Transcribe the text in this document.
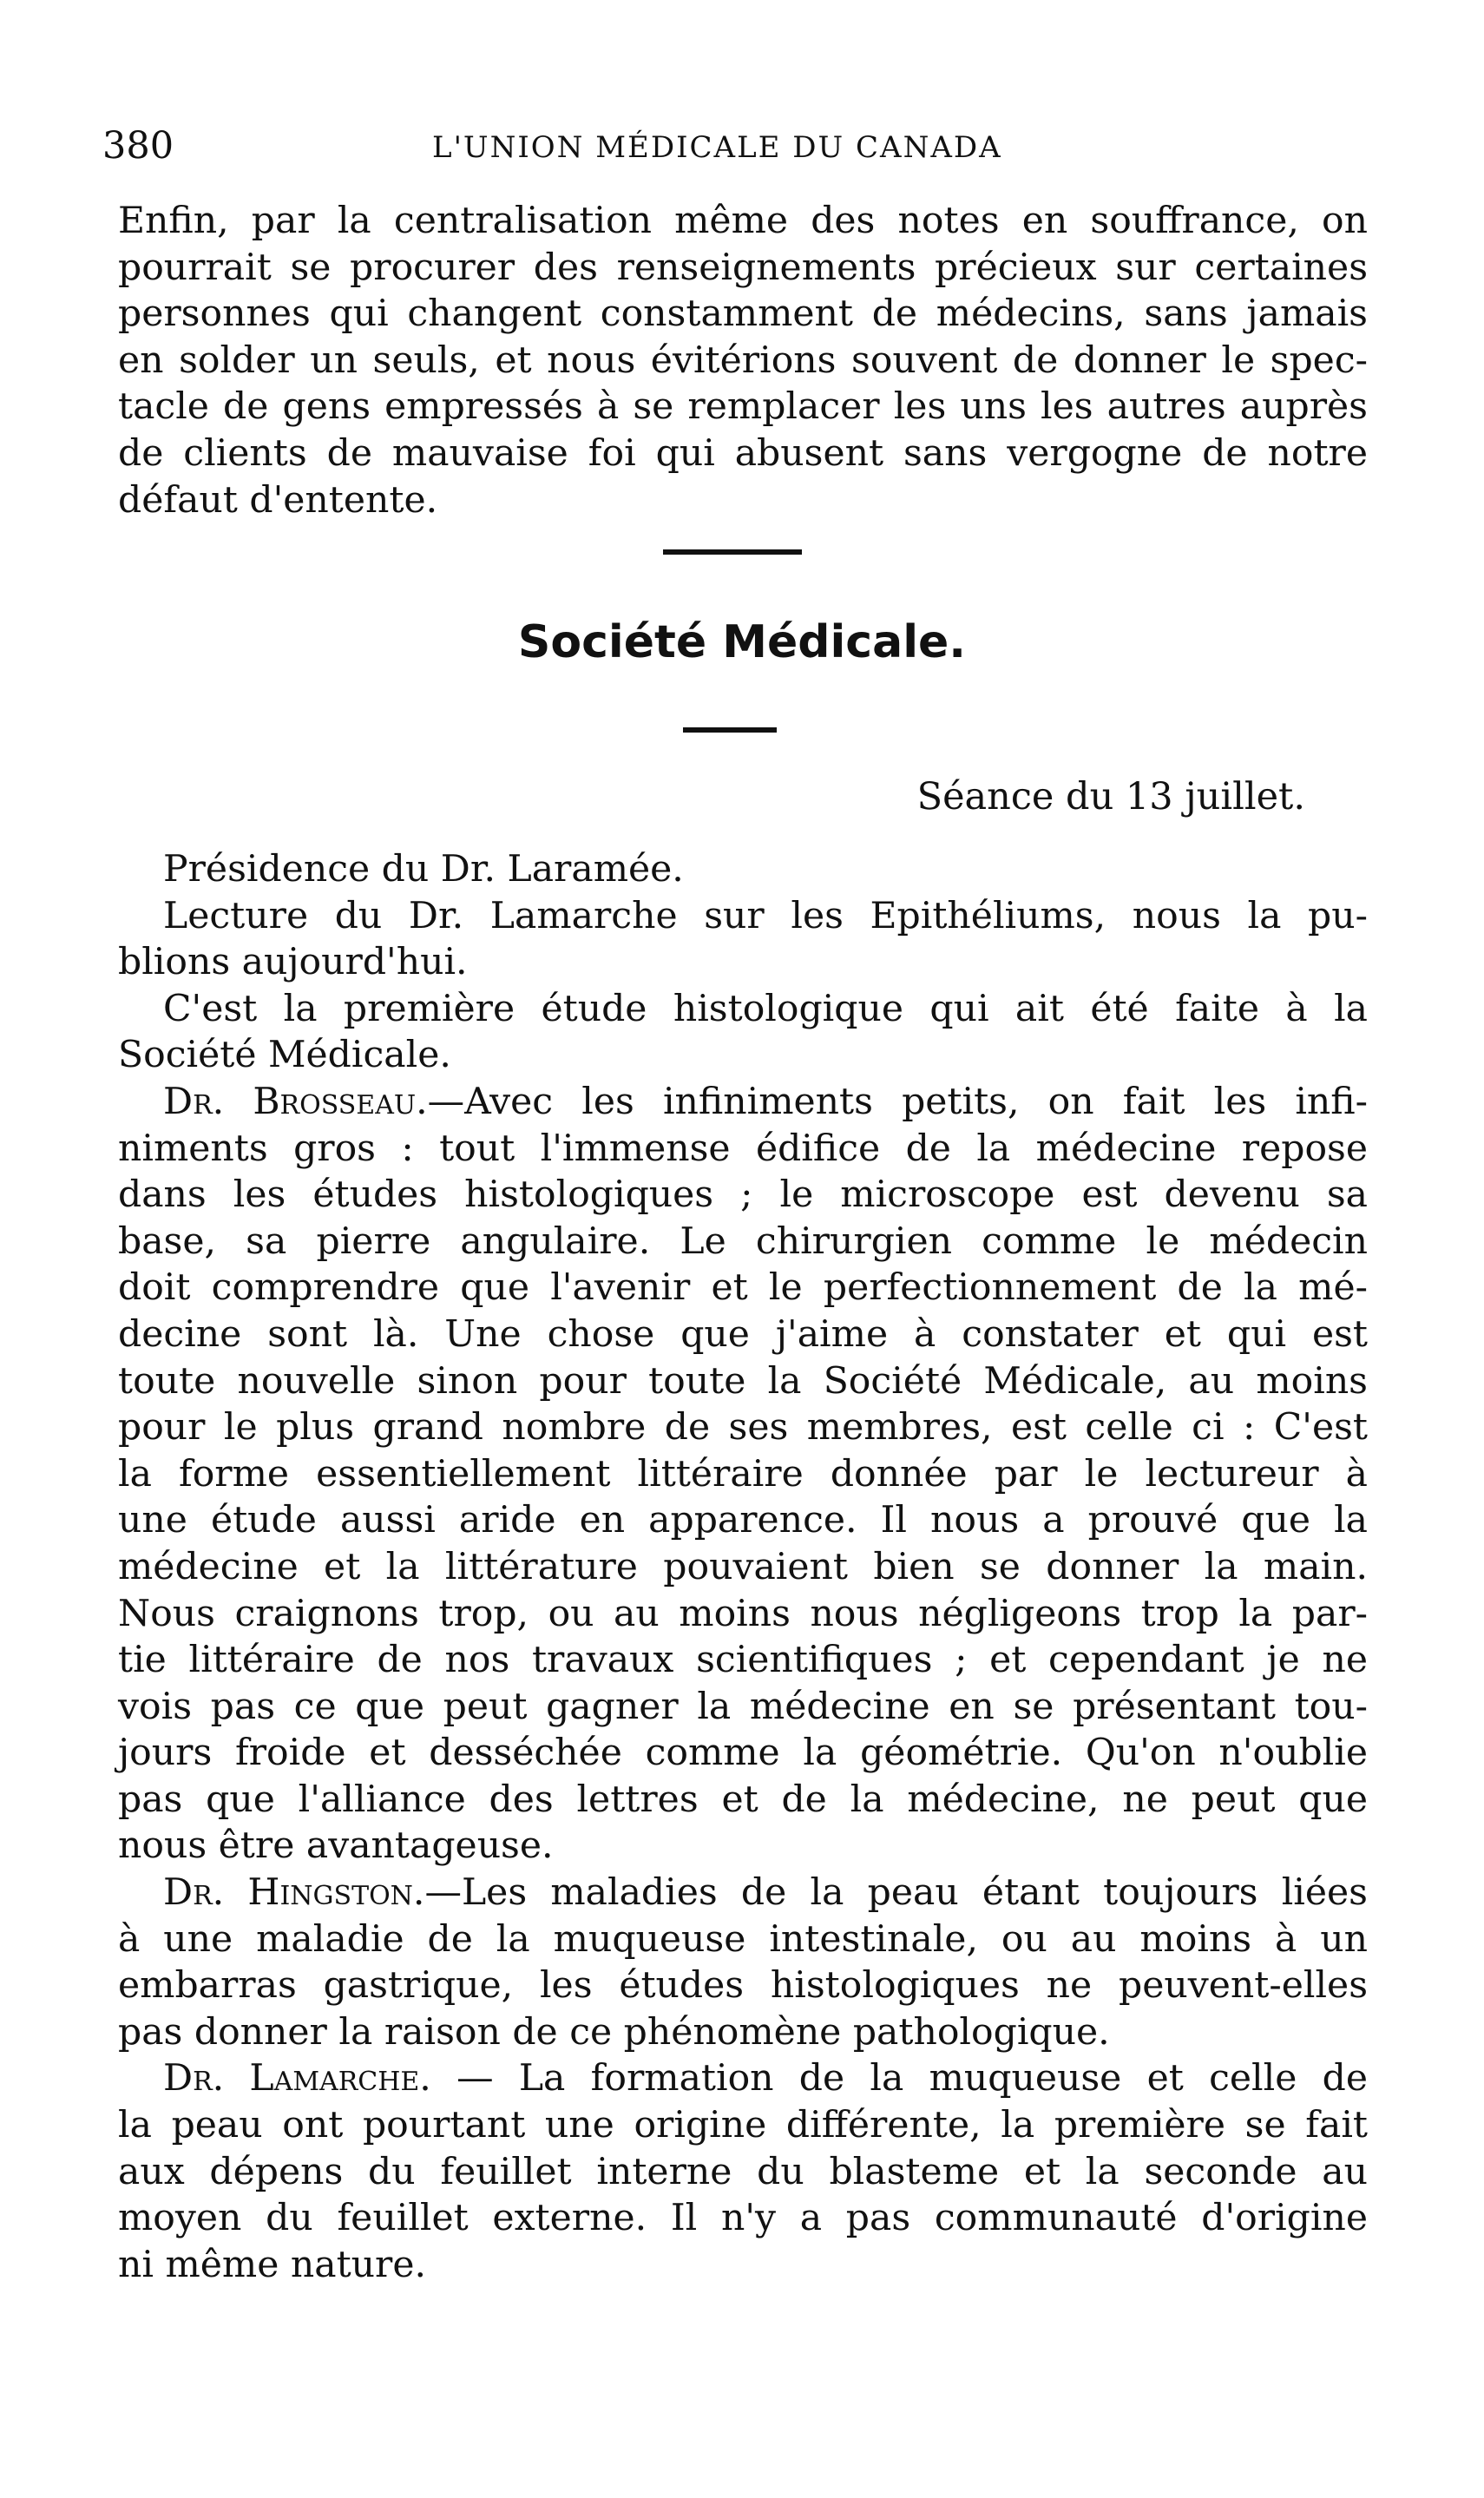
380	L'UNION MÉDICALE DU CANADA
Enfin, par la centralisation même des notes en souffrance, on
pourrait se procurer des renseignements précieux sur certaines
personnes qui changent constamment de médecins, sans jamais
en solder un seuls, et nous évitérions souvent de donner le spec-
tacle de gens empressés à se remplacer les uns les autres auprès
de clients de mauvaise foi qui abusent sans vergogne de notre
défaut d'entente.
Société Médicale.
Séance du 13 juillet.
Présidence du Dr. Laramée.
Lecture du Dr. Lamarche sur les Epithéliums, nous la pu-
blions aujourd'hui.
C'est la première étude histologique qui ait été faite à la
Société Médicale.
Dr. Brosseau.—Avec les infiniments petits, on fait les infi-
niments gros : tout l'immense édifice de la médecine repose
dans les études histologiques ; le microscope est devenu sa
base, sa pierre angulaire. Le chirurgien comme le médecin
doit comprendre que l'avenir et le perfectionnement de la mé-
decine sont là. Une chose que j'aime à constater et qui est
toute nouvelle sinon pour toute la Société Médicale, au moins
pour le plus grand nombre de ses membres, est celle ci : C'est
la forme essentiellement littéraire donnée par le lectureur à
une étude aussi aride en apparence. Il nous a prouvé que la
médecine et la littérature pouvaient bien se donner la main.
Nous craignons trop, ou au moins nous négligeons trop la par-
tie littéraire de nos travaux scientifiques ; et cependant je ne
vois pas ce que peut gagner la médecine en se présentant tou-
jours froide et desséchée comme la géométrie. Qu'on n'oublie
pas que l'alliance des lettres et de la médecine, ne peut que
nous être avantageuse.
Dr. Hingston.—Les maladies de la peau étant toujours liées
à une maladie de la muqueuse intestinale, ou au moins à un
embarras gastrique, les études histologiques ne peuvent-elles
pas donner la raison de ce phénomène pathologique.
Dr. Lamarche. — La formation de la muqueuse et celle de
la peau ont pourtant une origine différente, la première se fait
aux dépens du feuillet interne du blasteme et la seconde au
moyen du feuillet externe. Il n'y a pas communauté d'origine
ni même nature.
